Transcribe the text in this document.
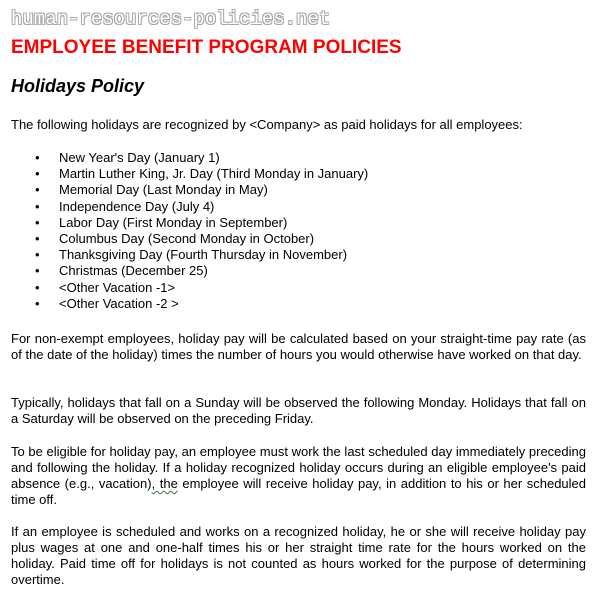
human-resources-policies.net
EMPLOYEE BENEFIT PROGRAM POLICIES
Holidays Policy

The following holidays are recognized by <Company> as paid holidays for all employees:

• New Year's Day (January 1)
• Martin Luther King, Jr. Day (Third Monday in January)
• Memorial Day (Last Monday in May)
• Independence Day (July 4)
• Labor Day (First Monday in September)
• Columbus Day (Second Monday in October)
• Thanksgiving Day (Fourth Thursday in November)
• Christmas (December 25)
• <Other Vacation -1>
• <Other Vacation -2 >

For non-exempt employees, holiday pay will be calculated based on your straight-time pay rate (as of the date of the holiday) times the number of hours you would otherwise have worked on that day.

Typically, holidays that fall on a Sunday will be observed the following Monday. Holidays that fall on a Saturday will be observed on the preceding Friday.

To be eligible for holiday pay, an employee must work the last scheduled day immediately preceding and following the holiday. If a holiday recognized holiday occurs during an eligible employee's paid absence (e.g., vacation), the employee will receive holiday pay, in addition to his or her scheduled time off.

If an employee is scheduled and works on a recognized holiday, he or she will receive holiday pay plus wages at one and one-half times his or her straight time rate for the hours worked on the holiday. Paid time off for holidays is not counted as hours worked for the purpose of determining overtime.
